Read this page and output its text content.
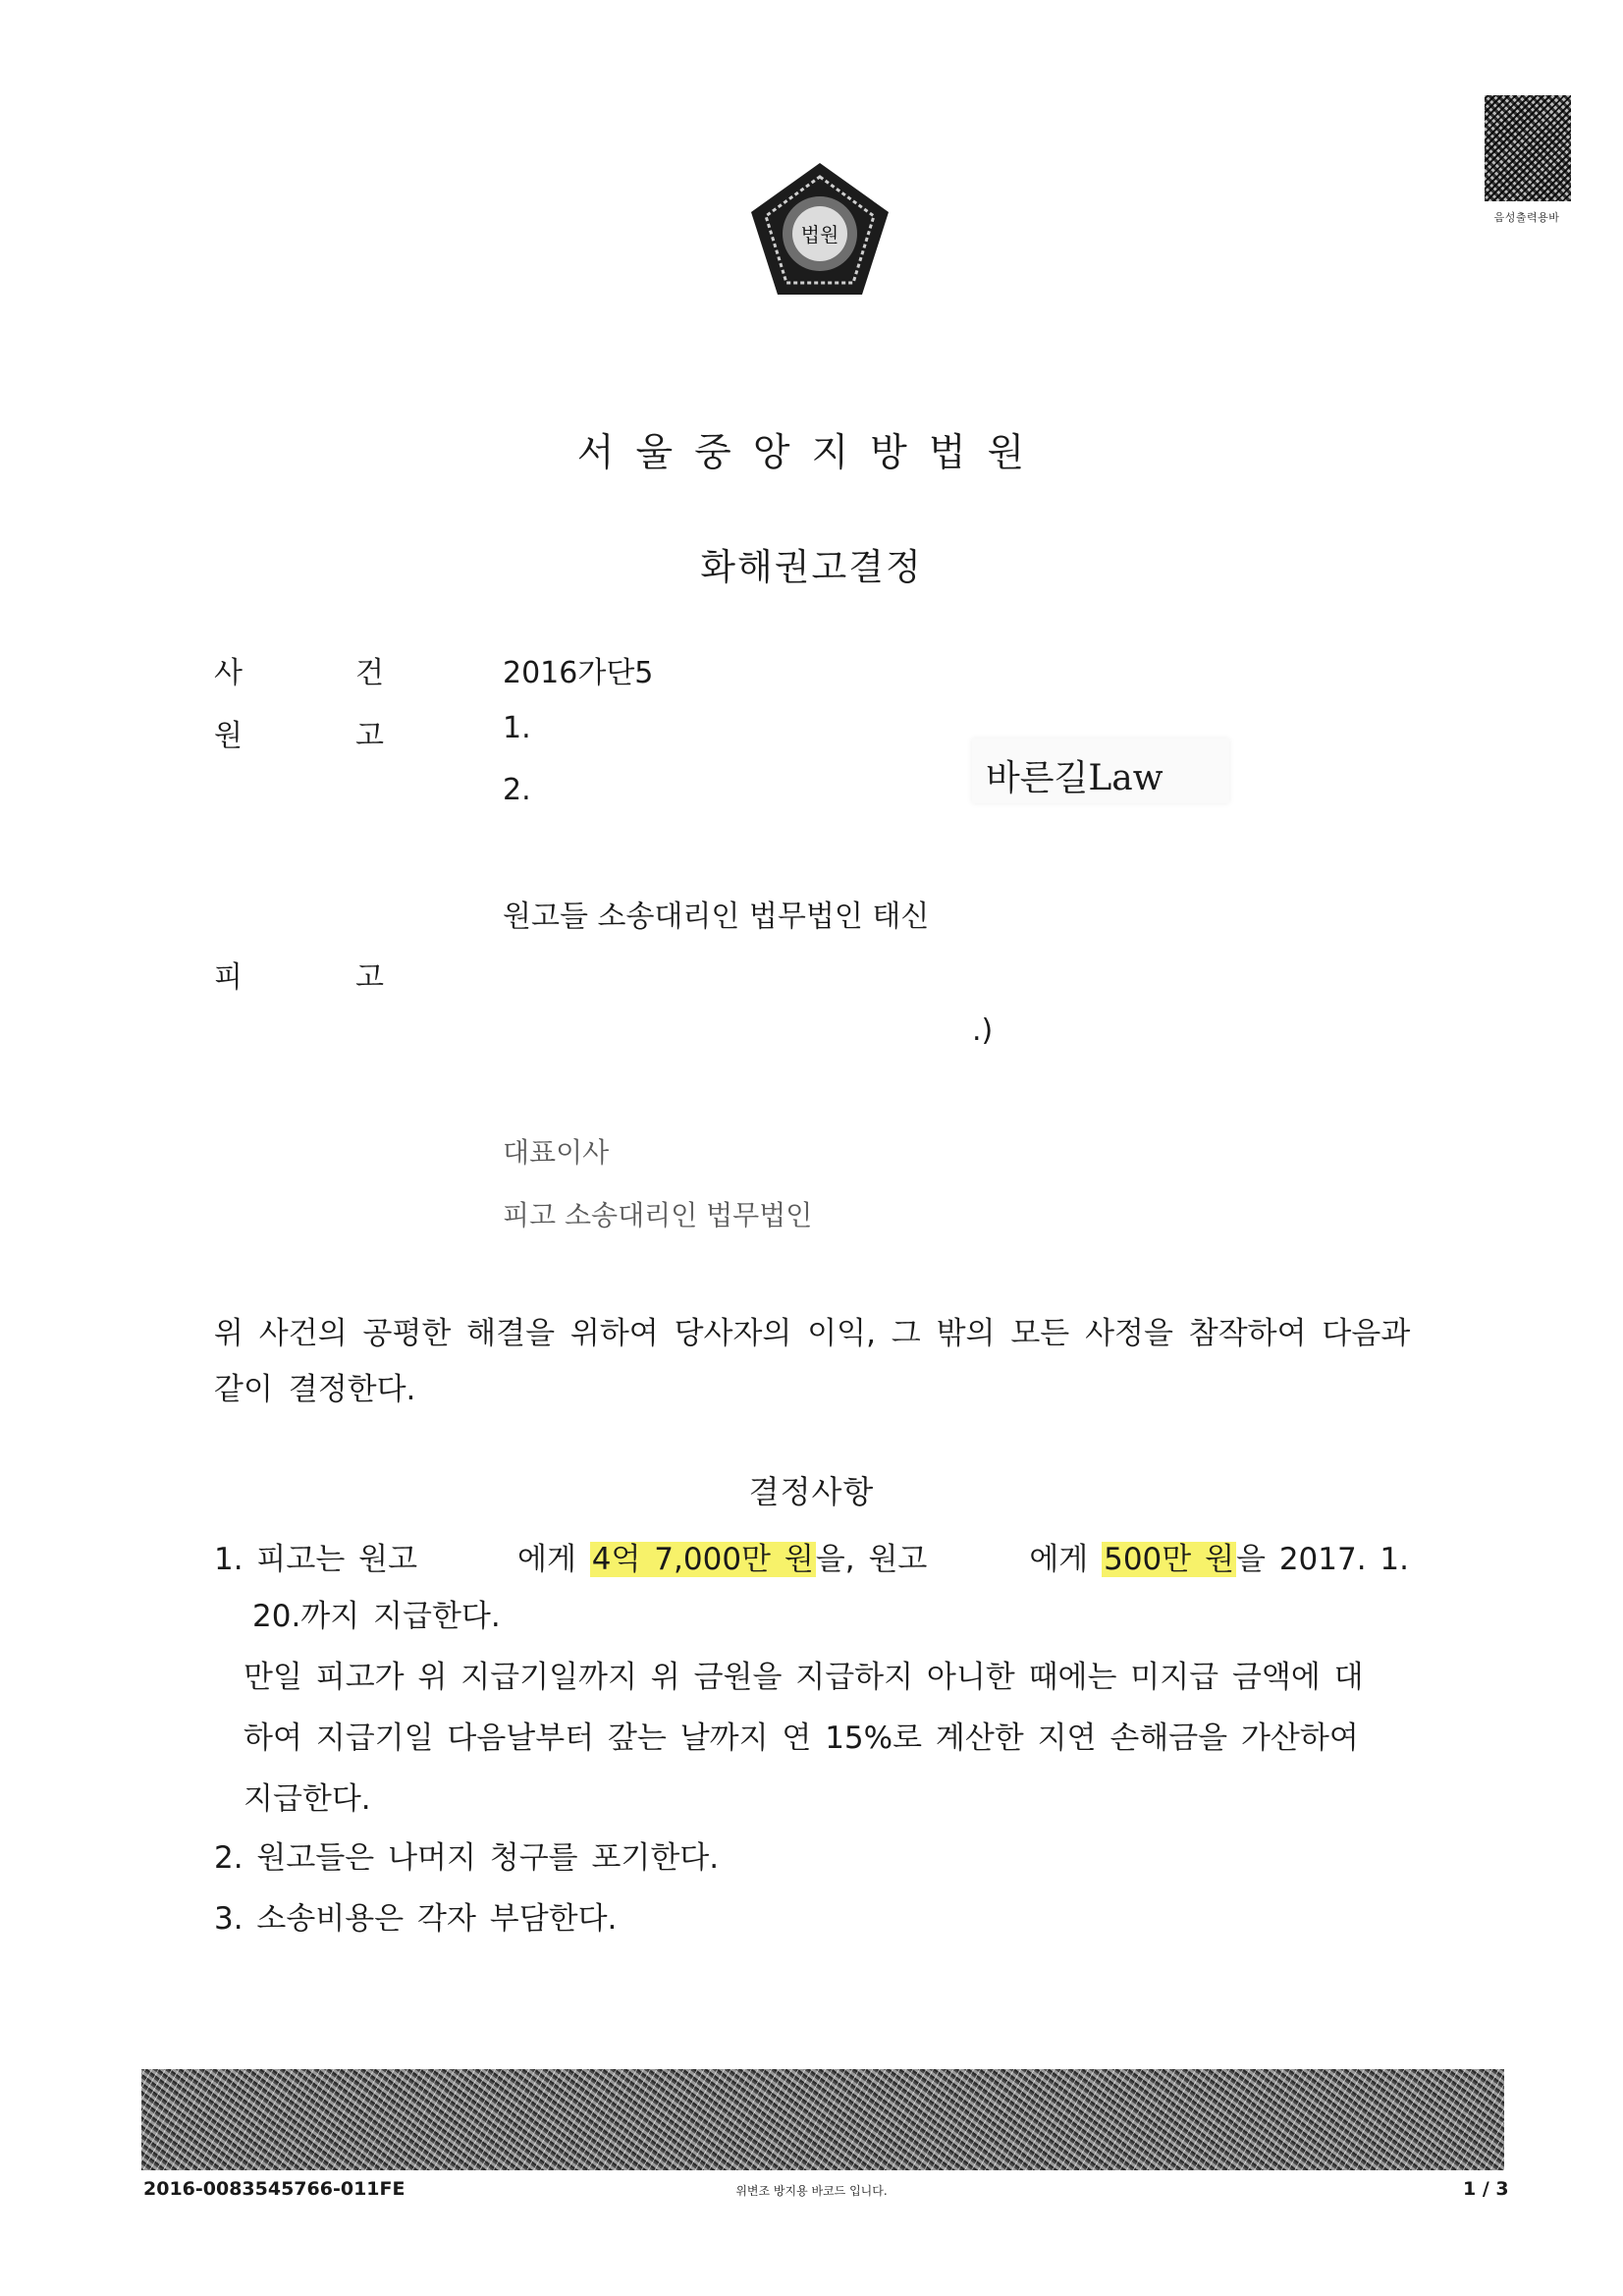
법원
음성출력용바
서울중앙지방법원
화해권고결정
사	건	2016가단5
원	고	1.
2.	바른길Law
원고들 소송대리인 법무법인 태신
피	고
.)
대표이사
피고 소송대리인 법무법인
위 사건의 공평한 해결을 위하여 당사자의 이익, 그 밖의 모든 사정을 참작하여 다음과 같이 결정한다.
결정사항
1. 피고는 원고	에게 4억 7,000만 원을, 원고	에게 500만 원을 2017. 1.
20.까지 지급한다.
만일 피고가 위 지급기일까지 위 금원을 지급하지 아니한 때에는 미지급 금액에 대
하여 지급기일 다음날부터 갚는 날까지 연 15%로 계산한 지연 손해금을 가산하여
지급한다.
2. 원고들은 나머지 청구를 포기한다.
3. 소송비용은 각자 부담한다.
2016-0083545766-011FE	위변조 방지용 바코드 입니다.	1 / 3
